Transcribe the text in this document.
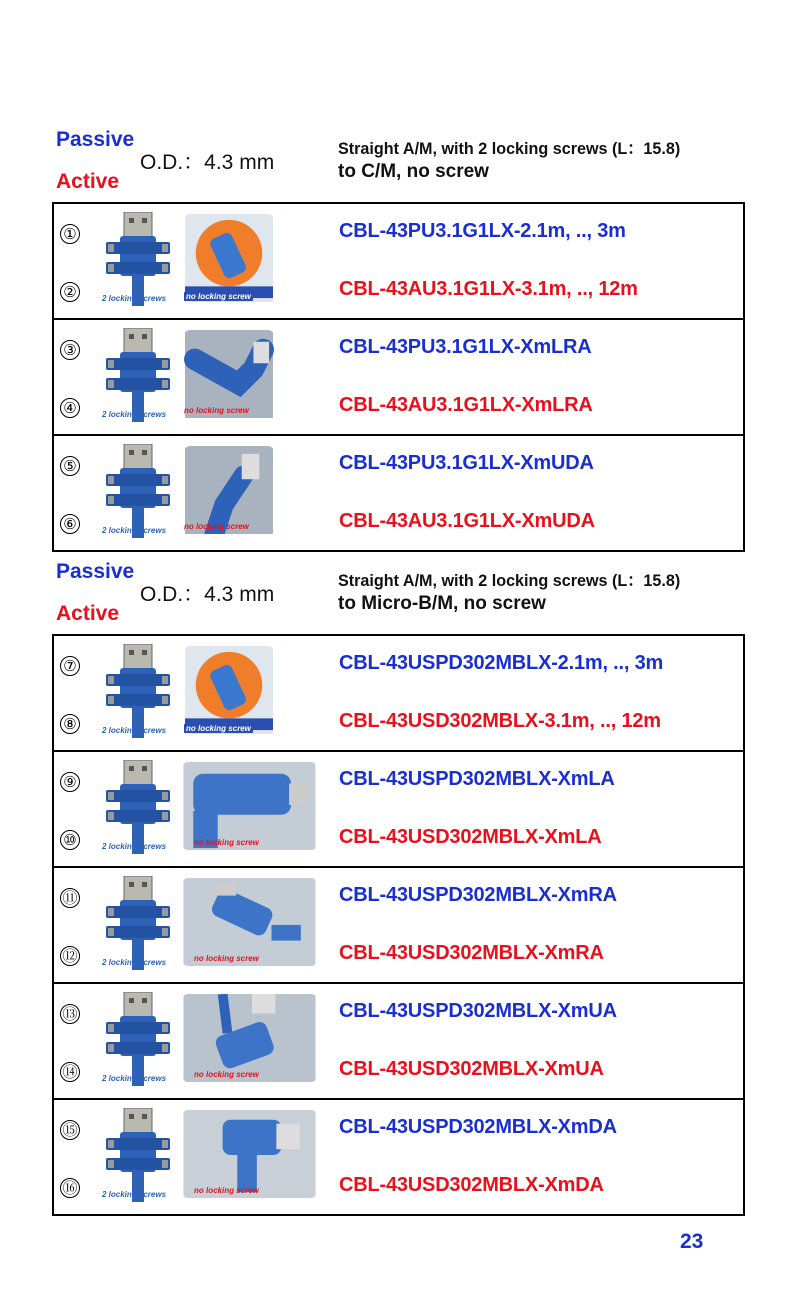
Passive
Active
O.D.：4.3 mm
Straight A/M, with 2 locking screws (L：15.8)
to C/M, no screw
①
②	2 locking screws no locking screw
CBL-43PU3.1G1LX-2.1m, .., 3m
CBL-43AU3.1G1LX-3.1m, .., 12m
③
④	2 locking screws no locking screw
CBL-43PU3.1G1LX-XmLRA
CBL-43AU3.1G1LX-XmLRA
⑤
⑥	2 locking screws no locking screw
CBL-43PU3.1G1LX-XmUDA
CBL-43AU3.1G1LX-XmUDA
Passive
Active
O.D.：4.3 mm
Straight A/M, with 2 locking screws (L：15.8)
to Micro-B/M, no screw
⑦
⑧	2 locking screws no locking screw
CBL-43USPD302MBLX-2.1m, .., 3m
CBL-43USD302MBLX-3.1m, .., 12m
⑨
⑩	2 locking screws	no locking screw
CBL-43USPD302MBLX-XmLA
CBL-43USD302MBLX-XmLA
⑪
⑫	2 locking screws	no locking screw
CBL-43USPD302MBLX-XmRA
CBL-43USD302MBLX-XmRA
⑬
⑭	2 locking screws	no locking screw
CBL-43USPD302MBLX-XmUA
CBL-43USD302MBLX-XmUA
⑮
⑯	2 locking screws	no locking screw
CBL-43USPD302MBLX-XmDA
CBL-43USD302MBLX-XmDA
23
